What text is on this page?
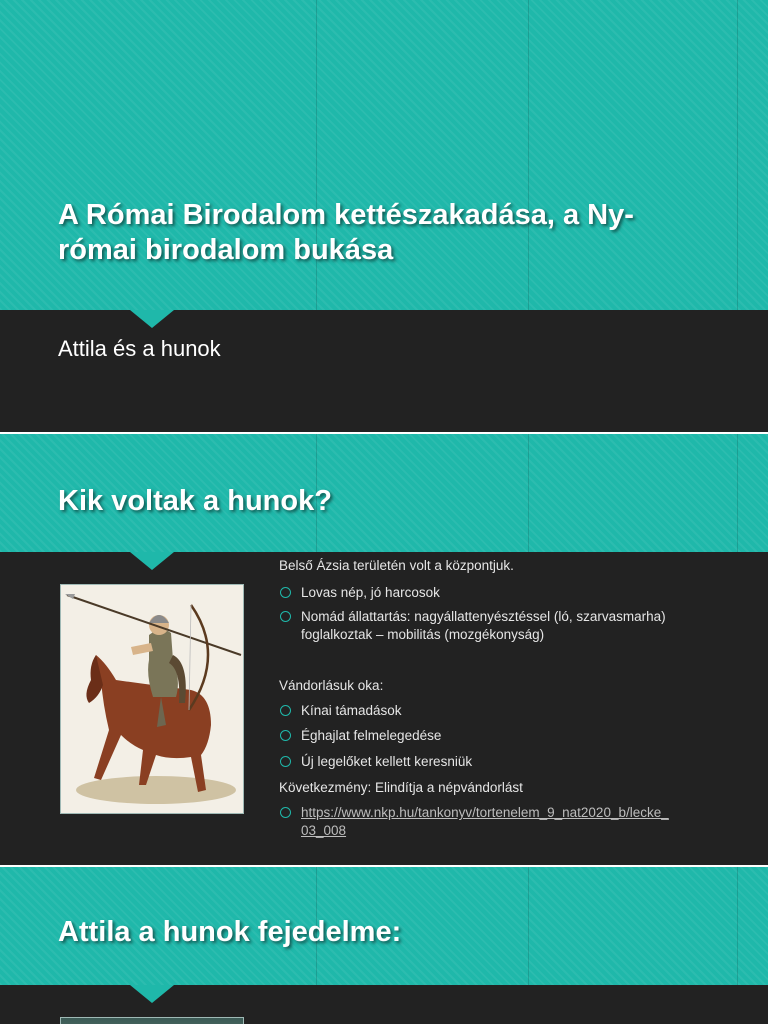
A Római Birodalom kettészakadása, a Ny- római birodalom bukása
Attila és a hunok
Kik voltak a hunok?
Belső Ázsia területén volt a központjuk.
Lovas nép, jó harcosok
Nomád állattartás: nagyállattenyésztéssel (ló, szarvasmarha) foglalkoztak – mobilitás (mozgékonyság)
Vándorlásuk oka:
Kínai támadások
Éghajlat felmelegedése
Új legelőket kellett keresniük
Következmény: Elindítja a népvándorlást
https://www.nkp.hu/tankonyv/tortenelem_9_nat2020_b/lecke_
03_008
Attila a hunok fejedelme:
